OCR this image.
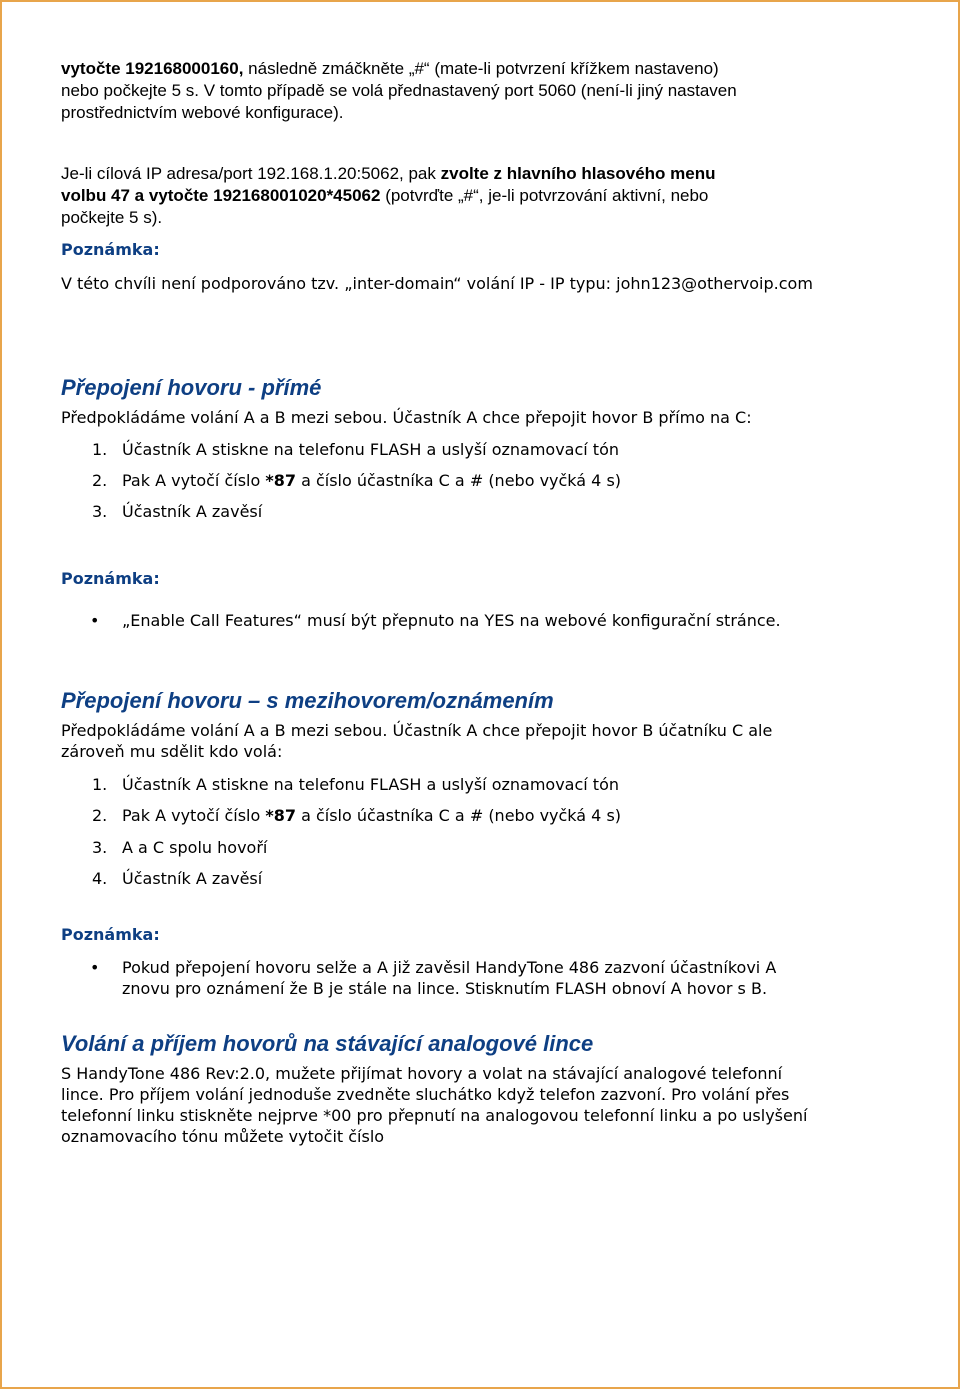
vytočte 192168000160, následně zmáčkněte „#“ (mate-li potvrzení křížkem nastaveno)
nebo počkejte 5 s. V tomto případě se volá přednastavený port 5060 (není-li jiný nastaven
prostřednictvím webové konfigurace).

Je-li cílová IP adresa/port 192.168.1.20:5062, pak zvolte z hlavního hlasového menu
volbu 47 a vytočte 192168001020*45062 (potvrďte „#“, je-li potvrzování aktivní, nebo
počkejte 5 s).

Poznámka:

V této chvíli není podporováno tzv. „inter-domain“ volání IP - IP typu: john123@othervoip.com

Přepojení hovoru - přímé

Předpokládáme volání A a B mezi sebou. Účastník A chce přepojit hovor B přímo na C:

1. Účastník A stiskne na telefonu FLASH a uslyší oznamovací tón

2. Pak A vytočí číslo *87 a číslo účastníka C a # (nebo vyčká 4 s)

3. Účastník A zavěsí

Poznámka:

• „Enable Call Features“ musí být přepnuto na YES na webové konfigurační stránce.

Přepojení hovoru – s mezihovorem/oznámením

Předpokládáme volání A a B mezi sebou. Účastník A chce přepojit hovor B účatníku C ale
zároveň mu sdělit kdo volá:

1. Účastník A stiskne na telefonu FLASH a uslyší oznamovací tón

2. Pak A vytočí číslo *87 a číslo účastníka C a # (nebo vyčká 4 s)

3. A a C spolu hovoří

4. Účastník A zavěsí

Poznámka:

• Pokud přepojení hovoru selže a A již zavěsil HandyTone 486 zazvoní účastníkovi A
znovu pro oznámení že B je stále na lince. Stisknutím FLASH obnoví A hovor s B.

Volání a příjem hovorů na stávající analogové lince

S HandyTone 486 Rev:2.0, mužete přijímat hovory a volat na stávající analogové telefonní
lince. Pro příjem volání jednoduše zvedněte sluchátko když telefon zazvoní. Pro volání přes
telefonní linku stiskněte nejprve *00 pro přepnutí na analogovou telefonní linku a po uslyšení
oznamovacího tónu můžete vytočit číslo
